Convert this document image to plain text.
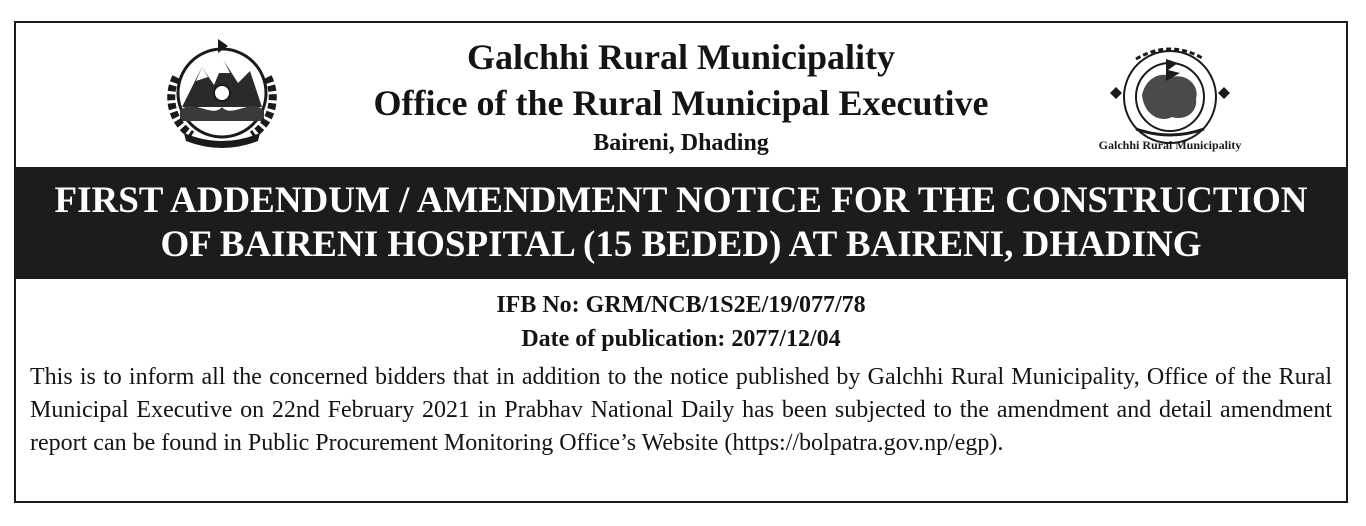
Galchhi Rural Municipality
Office of the Rural Municipal Executive
Baireni, Dhading	Galchhi Rural Municipality
FIRST ADDENDUM / AMENDMENT NOTICE FOR THE CONSTRUCTION
OF BAIRENI HOSPITAL (15 BEDED) AT BAIRENI, DHADING
IFB No: GRM/NCB/1S2E/19/077/78
Date of publication: 2077/12/04
This is to inform all the concerned bidders that in addition to the notice published by Galchhi Rural Municipality, Office of the Rural Municipal Executive on 22nd February 2021 in Prabhav National Daily has been subjected to the amendment and detail amendment report can be found in Public Procurement Monitoring Office’s Website (https://bolpatra.gov.np/egp).
